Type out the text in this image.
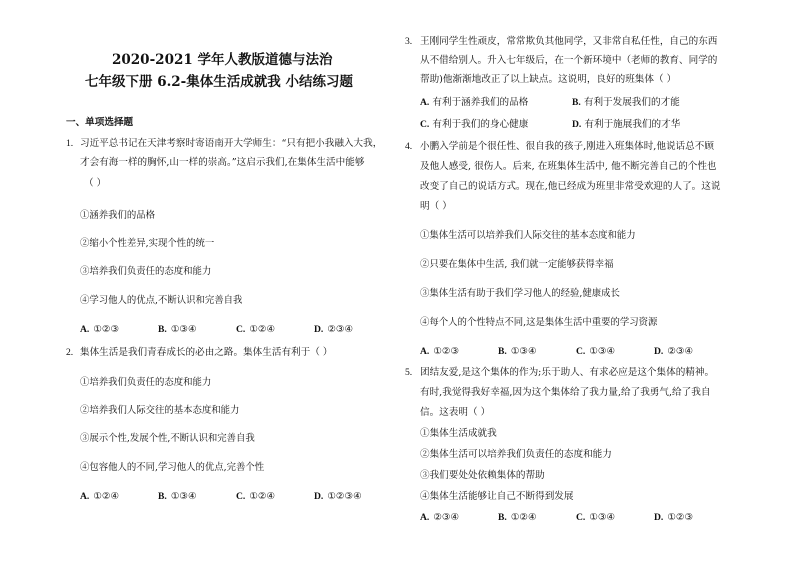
2020-2021 学年人教版道德与法治
七年级下册 6.2-集体生活成就我 小结练习题
一、单项选择题
1. 习近平总书记在天津考察时寄语南开大学师生：“只有把小我融入大我，
才会有海一样的胸怀,山一样的崇高。”这启示我们,在集体生活中能够
（ ）
①涵养我们的品格
②缩小个性差异,实现个性的统一
③培养我们负责任的态度和能力
④学习他人的优点,不断认识和完善自我
A. ①②③	B. ①③④	C. ①②④	D. ②③④
2. 集体生活是我们青春成长的必由之路。集体生活有利于（ ）
①培养我们负责任的态度和能力
②培养我们人际交往的基本态度和能力
③展示个性,发展个性,不断认识和完善自我
④包容他人的不同,学习他人的优点,完善个性
A. ①②④	B. ①③④	C. ①②④	D. ①②③④
3. 王刚同学生性顽皮，常常欺负其他同学，又非常自私任性，自己的东西
从不借给别人。升入七年级后，在一个新环境中（老师的教育、同学的
帮助)他渐渐地改正了以上缺点。这说明，良好的班集体（ ）
A. 有利于涵养我们的品格	B. 有利于发展我们的才能
C. 有利于我们的身心健康	D. 有利于施展我们的才华
4. 小鹏入学前是个很任性、很自我的孩子,刚进入班集体时,他说话总不顾
及他人感受, 很伤人。后来, 在班集体生活中, 他不断完善自己的个性也
改变了自己的说话方式。现在,他已经成为班里非常受欢迎的人了。这说
明（ ）
①集体生活可以培养我们人际交往的基本态度和能力
②只要在集体中生活, 我们就一定能够获得幸福
③集体生活有助于我们学习他人的经验,健康成长
④每个人的个性特点不同,这是集体生活中重要的学习资源
A. ①②③	B. ①③④	C. ①③④	D. ②③④
5. 团结友爱,是这个集体的作为;乐于助人、有求必应是这个集体的精神。
有时,我觉得我好幸福,因为这个集体给了我力量,给了我勇气,给了我自
信。这表明（ ）
①集体生活成就我
②集体生活可以培养我们负责任的态度和能力
③我们要处处依赖集体的帮助
④集体生活能够让自己不断得到发展
A. ②③④	B. ①②④	C. ①③④	D. ①②③
